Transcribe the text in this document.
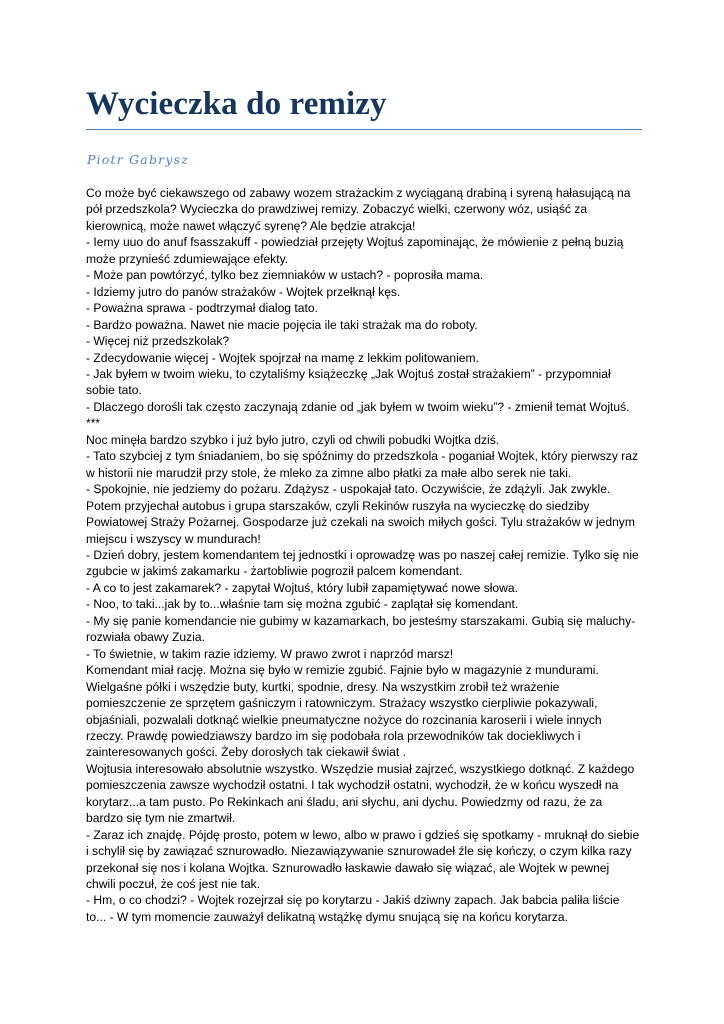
Wycieczka do remizy
Piotr Gabrysz

Co może być ciekawszego od zabawy wozem strażackim z wyciąganą drabiną i syreną hałasującą na pół przedszkola? Wycieczka do prawdziwej remizy. Zobaczyć wielki, czerwony wóz, usiąść za kierownicą, może nawet włączyć syrenę? Ale będzie atrakcja!

- Iemy uuo do anuf fsasszakuff - powiedział przejęty Wojtuś zapominając, że mówienie z pełną buzią może przynieść zdumiewające efekty.

- Może pan powtórzyć, tylko bez ziemniaków w ustach? - poprosiła mama.

- Idziemy jutro do panów strażaków - Wojtek przełknął kęs.

- Poważna sprawa - podtrzymał dialog tato.

- Bardzo poważna. Nawet nie macie pojęcia ile taki strażak ma do roboty.

- Więcej niż przedszkolak?

- Zdecydowanie więcej - Wojtek spojrzał na mamę z lekkim politowaniem.

- Jak byłem w twoim wieku, to czytaliśmy książeczkę „Jak Wojtuś został strażakiem” - przypomniał sobie tato.

- Dlaczego dorośli tak często zaczynają zdanie od „jak byłem w twoim wieku”? - zmienił temat Wojtuś.

***

Noc minęła bardzo szybko i już było jutro, czyli od chwili pobudki Wojtka dziś.

- Tato szybciej z tym śniadaniem, bo się spóźnimy do przedszkola - poganiał Wojtek, który pierwszy raz w historii nie marudził przy stole, że mleko za zimne albo płatki za małe albo serek nie taki.

- Spokojnie, nie jedziemy do pożaru. Zdążysz - uspokajał tato. Oczywiście, że zdążyli. Jak zwykle. Potem przyjechał autobus i grupa starszaków, czyli Rekinów ruszyła na wycieczkę do siedziby Powiatowej Straży Pożarnej. Gospodarze już czekali na swoich miłych gości. Tylu strażaków w jednym miejscu i wszyscy w mundurach!

- Dzień dobry, jestem komendantem tej jednostki i oprowadzę was po naszej całej remizie. Tylko się nie zgubcie w jakimś zakamarku - żartobliwie pogroził palcem komendant.

- A co to jest zakamarek? - zapytał Wojtuś, który lubił zapamiętywać nowe słowa.

- Noo, to taki...jak by to...właśnie tam się można zgubić - zaplątał się komendant.

- My się panie komendancie nie gubimy w kazamarkach, bo jesteśmy starszakami. Gubią się maluchy- rozwiała obawy Zuzia.

- To świetnie, w takim razie idziemy. W prawo zwrot i naprzód marsz!

Komendant miał rację. Można się było w remizie zgubić. Fajnie było w magazynie z mundurami. Wielgaśne półki i wszędzie buty, kurtki, spodnie, dresy. Na wszystkim zrobił też wrażenie pomieszczenie ze sprzętem gaśniczym i ratowniczym. Strażacy wszystko cierpliwie pokazywali, objaśniali, pozwalali dotknąć wielkie pneumatyczne nożyce do rozcinania karoserii i wiele innych rzeczy. Prawdę powiedziawszy bardzo im się podobała rola przewodników tak dociekliwych i zainteresowanych gości. Żeby dorosłych tak ciekawił świat .

Wojtusia interesowało absolutnie wszystko. Wszędzie musiał zajrzeć, wszystkiego dotknąć. Z każdego pomieszczenia zawsze wychodził ostatni. I tak wychodził ostatni, wychodził, że w końcu wyszedł na korytarz...a tam pusto. Po Rekinkach ani śladu, ani słychu, ani dychu. Powiedzmy od razu, że za bardzo się tym nie zmartwił.

- Zaraz ich znajdę. Pójdę prosto, potem w lewo, albo w prawo i gdzieś się spotkamy - mruknął do siebie i schylił się by zawiązać sznurowadło. Niezawiązywanie sznurowadeł źle się kończy, o czym kilka razy przekonał się nos i kolana Wojtka. Sznurowadło łaskawie dawało się wiązać, ale Wojtek w pewnej chwili poczuł, że coś jest nie tak.

- Hm, o co chodzi? - Wojtek rozejrzał się po korytarzu - Jakiś dziwny zapach. Jak babcia paliła liście to... - W tym momencie zauważył delikatną wstążkę dymu snującą się na końcu korytarza.
